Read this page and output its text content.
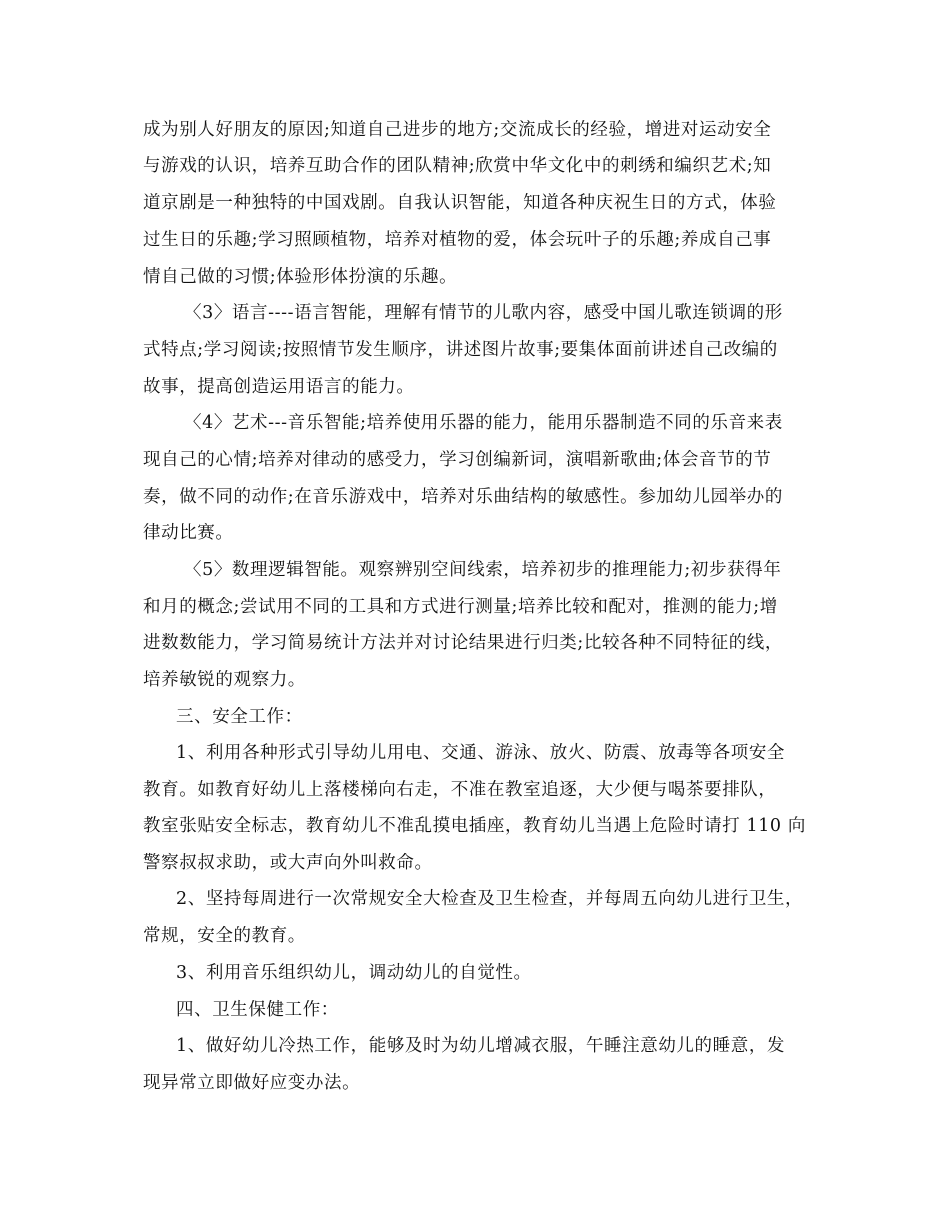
成为别人好朋友的原因;知道自己进步的地方;交流成长的经验，增进对运动安全
与游戏的认识，培养互助合作的团队精神;欣赏中华文化中的刺绣和编织艺术;知
道京剧是一种独特的中国戏剧。自我认识智能，知道各种庆祝生日的方式，体验
过生日的乐趣;学习照顾植物，培养对植物的爱，体会玩叶子的乐趣;养成自己事
情自己做的习惯;体验形体扮演的乐趣。
〈3〉语言----语言智能，理解有情节的儿歌内容，感受中国儿歌连锁调的形
式特点;学习阅读;按照情节发生顺序，讲述图片故事;要集体面前讲述自己改编的
故事，提高创造运用语言的能力。
〈4〉艺术---音乐智能;培养使用乐器的能力，能用乐器制造不同的乐音来表
现自己的心情;培养对律动的感受力，学习创编新词，演唱新歌曲;体会音节的节
奏，做不同的动作;在音乐游戏中，培养对乐曲结构的敏感性。参加幼儿园举办的
律动比赛。
〈5〉数理逻辑智能。观察辨别空间线索，培养初步的推理能力;初步获得年
和月的概念;尝试用不同的工具和方式进行测量;培养比较和配对，推测的能力;增
进数数能力，学习简易统计方法并对讨论结果进行归类;比较各种不同特征的线，
培养敏锐的观察力。
三、安全工作：
1、利用各种形式引导幼儿用电、交通、游泳、放火、防震、放毒等各项安全
教育。如教育好幼儿上落楼梯向右走，不准在教室追逐，大少便与喝茶要排队，
教室张贴安全标志，教育幼儿不准乱摸电插座，教育幼儿当遇上危险时请打 110 向
警察叔叔求助，或大声向外叫救命。
2、坚持每周进行一次常规安全大检查及卫生检查，并每周五向幼儿进行卫生，
常规，安全的教育。
3、利用音乐组织幼儿，调动幼儿的自觉性。
四、卫生保健工作：
1、做好幼儿冷热工作，能够及时为幼儿增减衣服，午睡注意幼儿的睡意，发
现异常立即做好应变办法。
